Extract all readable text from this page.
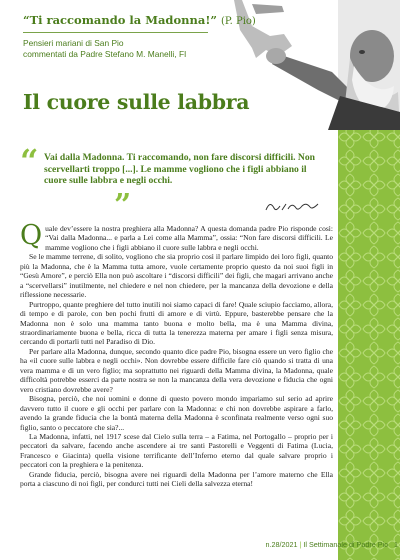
“Ti raccomando la Madonna!” (P. Pio)
Pensieri mariani di San Pio
commentati da Padre Stefano M. Manelli, FI
Il cuore sulle labbra
“ Vai dalla Madonna. Ti raccomando, non fare discorsi difficili. Non scervellarti troppo [...]. Le mamme vogliono che i figli abbiano il cuore sulle labbra e negli occhi.
”

Quale dev’essere la nostra preghiera alla Madonna? A questa domanda padre Pio risponde così: “Vai dalla Madonna... e parla a Lei come alla Mamma”, ossia: “Non fare discorsi difficili. Le mamme vogliono che i figli abbiano il cuore sulle labbra e negli occhi.

Se le mamme terrene, di solito, vogliono che sia proprio così il parlare limpido dei loro figli, quanto più la Madonna, che è la Mamma tutta amore, vuole certamente proprio questo da noi suoi figli in “Gesù Amore”, e perciò Ella non può ascoltare i “discorsi difficili” dei figli, che magari arrivano anche a “scervellarsi” inutilmente, nel chiedere e nel non chiedere, per la mancanza della devozione e della riflessione necessarie.

Purtroppo, quante preghiere del tutto inutili noi siamo capaci di fare! Quale sciupio facciamo, allora, di tempo e di parole, con ben pochi frutti di amore e di virtù. Eppure, basterebbe pensare che la Madonna non è solo una mamma tanto buona e molto bella, ma è una Mamma divina, straordinariamente buona e bella, ricca di tutta la tenerezza materna per amare i figli senza misura, cercando di portarli tutti nel Paradiso di Dio.

Per parlare alla Madonna, dunque, secondo quanto dice padre Pio, bisogna essere un vero figlio che ha «il cuore sulle labbra e negli occhi». Non dovrebbe essere difficile fare ciò quando si tratta di una vera mamma e di un vero figlio; ma soprattutto nei riguardi della Mamma divina, la Madonna, quale difficoltà potrebbe esserci da parte nostra se non la mancanza della vera devozione e fiducia che ogni vero cristiano dovrebbe avere?

Bisogna, perciò, che noi uomini e donne di questo povero mondo impariamo sul serio ad aprire davvero tutto il cuore e gli occhi per parlare con la Madonna: e chi non dovrebbe aspirare a farlo, avendo la grande fiducia che la bontà materna della Madonna è sconfinata realmente verso ogni suo figlio, santo o peccatore che sia?...

La Madonna, infatti, nel 1917 scese dal Cielo sulla terra – a Fatima, nel Portogallo – proprio per i peccatori da salvare, facendo anche ascendere ai tre santi Pastorelli e Veggenti di Fatima (Lucia, Francesco e Giacinta) quella visione terrificante dell’Inferno eterno dal quale salvare proprio i peccatori con la preghiera e la penitenza.

Grande fiducia, perciò, bisogna avere nei riguardi della Madonna per l’amore materno che Ella porta a ciascuno di noi figli, per condurci tutti nei Cieli della salvezza eterna!

n.28/2021 | Il Settimanale di Padre Pio | 1
